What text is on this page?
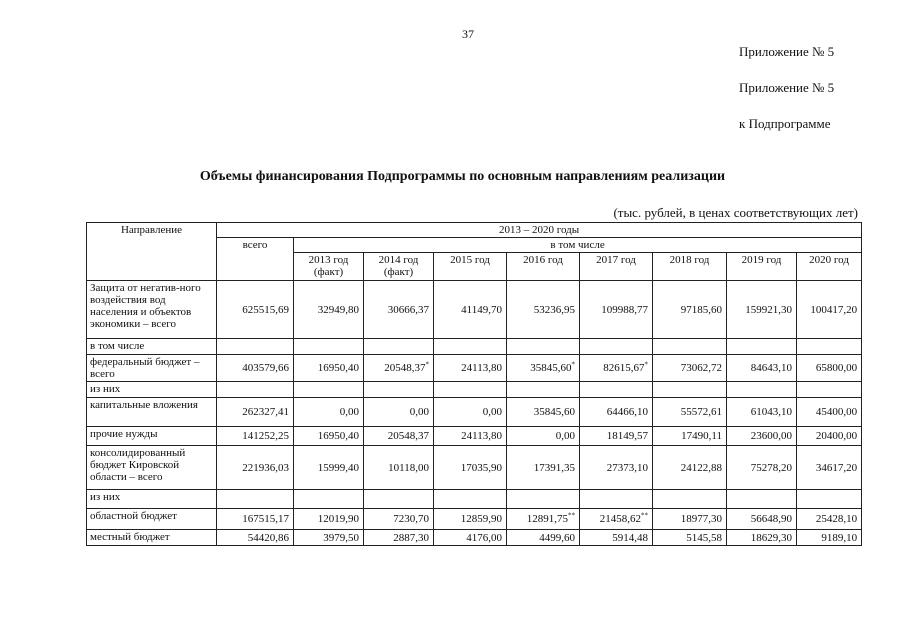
37
Приложение № 5
Приложение № 5
к Подпрограмме
Объемы финансирования Подпрограммы по основным направлениям реализации
(тыс. рублей, в ценах соответствующих лет)
Направление	2013 – 2020 годы								
	всего	в том числе							
		2013 год (факт)	2014 год (факт)	2015 год	2016 год	2017 год	2018 год	2019 год	2020 год
Защита от негатив-ного воздействия вод населения и объектов экономики – всего	625515,69	32949,80	30666,37	41149,70	53236,95	109988,77	97185,60	159921,30	100417,20
в том числе									
федеральный бюджет – всего	403579,66	16950,40	20548,37*	24113,80	35845,60*	82615,67*	73062,72	84643,10	65800,00
из них									
капитальные вложения	262327,41	0,00	0,00	0,00	35845,60	64466,10	55572,61	61043,10	45400,00
прочие нужды	141252,25	16950,40	20548,37	24113,80	0,00	18149,57	17490,11	23600,00	20400,00
консолидированный бюджет Кировской области – всего	221936,03	15999,40	10118,00	17035,90	17391,35	27373,10	24122,88	75278,20	34617,20
из них									
областной бюджет	167515,17	12019,90	7230,70	12859,90	12891,75**	21458,62**	18977,30	56648,90	25428,10
местный бюджет	54420,86	3979,50	2887,30	4176,00	4499,60	5914,48	5145,58	18629,30	9189,10
